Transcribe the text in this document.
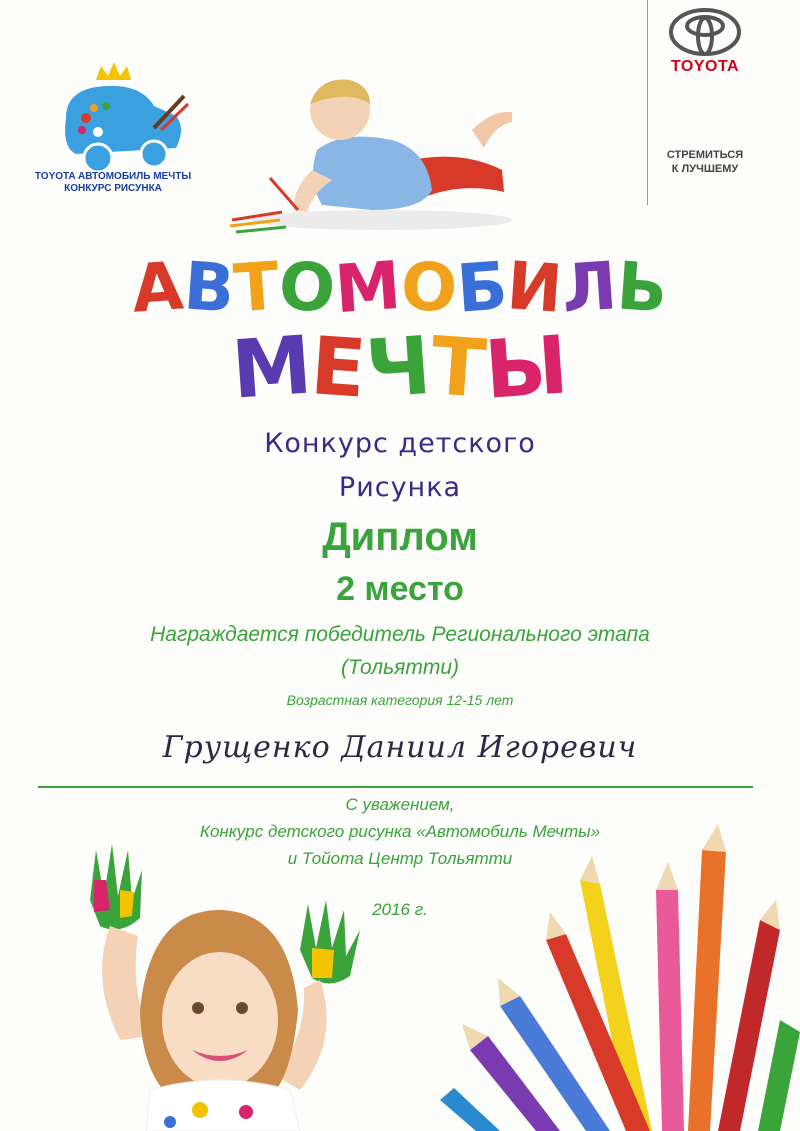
TOYOTA АВТОМОБИЛЬ МЕЧТЫ
КОНКУРС РИСУНКА
TOYOTA
СТРЕМИТЬСЯ
К ЛУЧШЕМУ
АВТОМОБИЛЬ
МЕЧТЫ
Конкурс детского
Рисунка
Диплом
2 место
Награждается победитель Регионального этапа
(Тольятти)
Возрастная категория 12-15 лет
Грущенко Даниил Игоревич
С уважением,
Конкурс детского рисунка «Автомобиль Мечты»
и Тойота Центр Тольятти
2016 г.
